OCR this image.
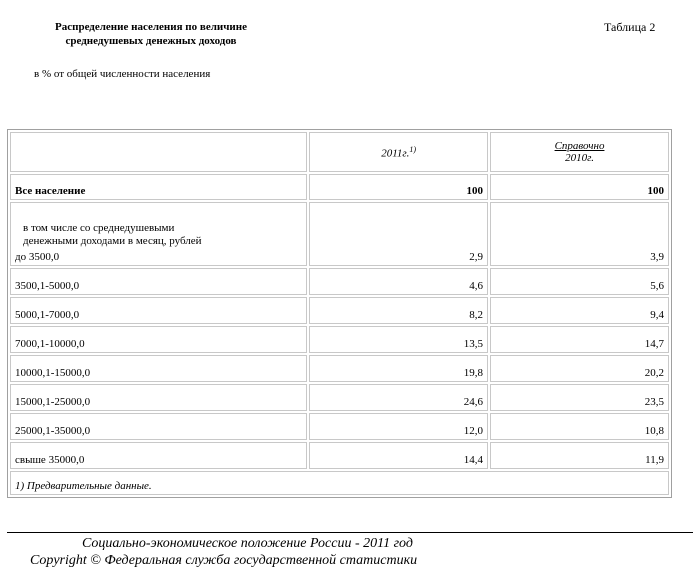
Распределение населения по величине
среднедушевых денежных доходов
Таблица 2
в % от общей численности населения
	2011г.$^{1)}$	Справочно
2010г.
Все население	100	100

в том числе со среднедушевыми
денежными доходами в месяц, рублей
до 3500,0	2,9	3,9
3500,1-5000,0	4,6	5,6
5000,1-7000,0	8,2	9,4
7000,1-10000,0	13,5	14,7
10000,1-15000,0	19,8	20,2
15000,1-25000,0	24,6	23,5
25000,1-35000,0	12,0	10,8
свыше 35000,0	14,4	11,9
1) Предварительные данные.		
Социально-экономическое положение России - 2011 год
Copyright © Федеральная служба государственной статистики
